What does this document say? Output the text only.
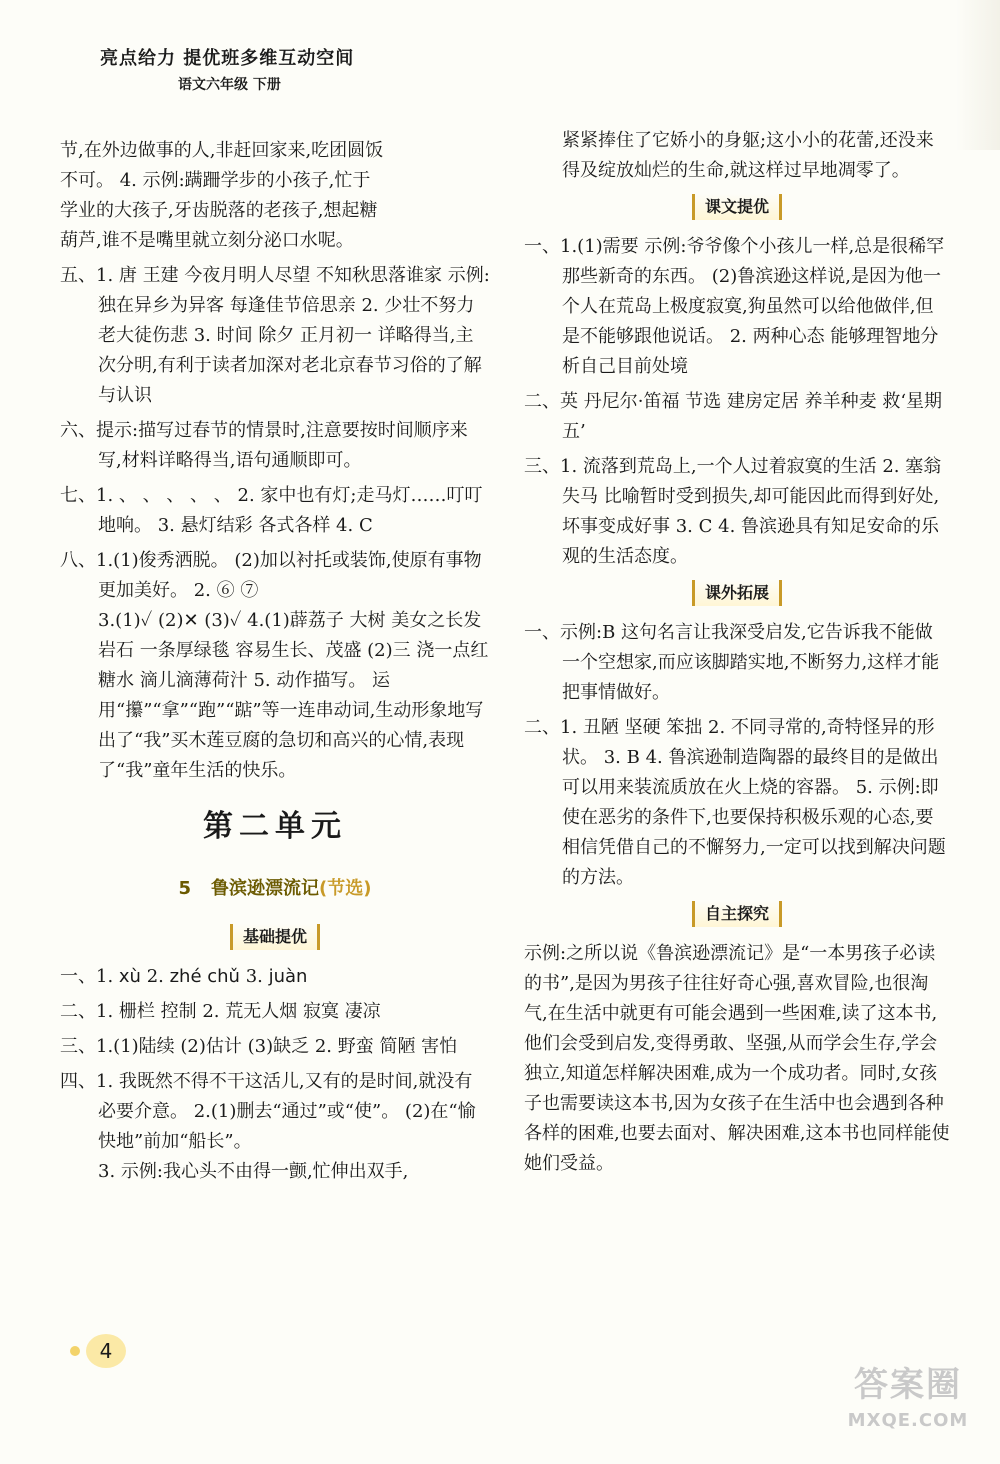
亮点给力 提优班多维互动空间
语文六年级 下册
节,在外边做事的人,非赶回家来,吃团圆饭
不可。 4. 示例:蹒跚学步的小孩子,忙于
学业的大孩子,牙齿脱落的老孩子,想起糖
葫芦,谁不是嘴里就立刻分泌口水呢。
五、1. 唐 王建 今夜月明人尽望 不知秋思落谁家 示例:独在异乡为异客 每逢佳节倍思亲 2. 少壮不努力 老大徒伤悲 3. 时间 除夕 正月初一 详略得当,主次分明,有利于读者加深对老北京春节习俗的了解与认识
六、提示:描写过春节的情景时,注意要按时间顺序来写,材料详略得当,语句通顺即可。
七、1. 、 、 、 、 、 2. 家中也有灯;走马灯……叮叮地响。 3. 悬灯结彩 各式各样 4. C
八、1.(1)俊秀洒脱。 (2)加以衬托或装饰,使原有事物更加美好。 2. ⑥ ⑦
3.(1)✓ (2)✕ (3)✓ 4.(1)薜荔子 大树 美女之长发 岩石 一条厚绿毯 容易生长、茂盛 (2)三 浇一点红糖水 滴儿滴薄荷汁 5. 动作描写。 运用“攥”“拿”“跑”“踮”等一连串动词,生动形象地写出了“我”买木莲豆腐的急切和高兴的心情,表现了“我”童年生活的快乐。
第二单元
5 鲁滨逊漂流记(节选)
基础提优
一、1. xù 2. zhé chǔ 3. juàn
二、1. 栅栏 控制 2. 荒无人烟 寂寞 凄凉
三、1.(1)陆续 (2)估计 (3)缺乏 2. 野蛮 简陋 害怕
四、1. 我既然不得不干这活儿,又有的是时间,就没有必要介意。 2.(1)删去“通过”或“使”。 (2)在“愉快地”前加“船长”。
3. 示例:我心头不由得一颤,忙伸出双手,
紧紧捧住了它娇小的身躯;这小小的花蕾,还没来得及绽放灿烂的生命,就这样过早地凋零了。
课文提优
一、1.(1)需要 示例:爷爷像个小孩儿一样,总是很稀罕那些新奇的东西。 (2)鲁滨逊这样说,是因为他一个人在荒岛上极度寂寞,狗虽然可以给他做伴,但是不能够跟他说话。 2. 两种心态 能够理智地分析自己目前处境
二、英 丹尼尔·笛福 节选 建房定居 养羊种麦 救‘星期五’
三、1. 流落到荒岛上,一个人过着寂寞的生活 2. 塞翁失马 比喻暂时受到损失,却可能因此而得到好处,坏事变成好事 3. C 4. 鲁滨逊具有知足安命的乐观的生活态度。
课外拓展
一、示例:B 这句名言让我深受启发,它告诉我不能做一个空想家,而应该脚踏实地,不断努力,这样才能把事情做好。
二、1. 丑陋 坚硬 笨拙 2. 不同寻常的,奇特怪异的形状。 3. B 4. 鲁滨逊制造陶器的最终目的是做出可以用来装流质放在火上烧的容器。 5. 示例:即使在恶劣的条件下,也要保持积极乐观的心态,要相信凭借自己的不懈努力,一定可以找到解决问题的方法。
自主探究
示例:之所以说《鲁滨逊漂流记》是“一本男孩子必读的书”,是因为男孩子往往好奇心强,喜欢冒险,也很淘气,在生活中就更有可能会遇到一些困难,读了这本书,他们会受到启发,变得勇敢、坚强,从而学会生存,学会独立,知道怎样解决困难,成为一个成功者。同时,女孩子也需要读这本书,因为女孩子在生活中也会遇到各种各样的困难,也要去面对、解决困难,这本书也同样能使她们受益。
4
答案圈
MXQE.COM
